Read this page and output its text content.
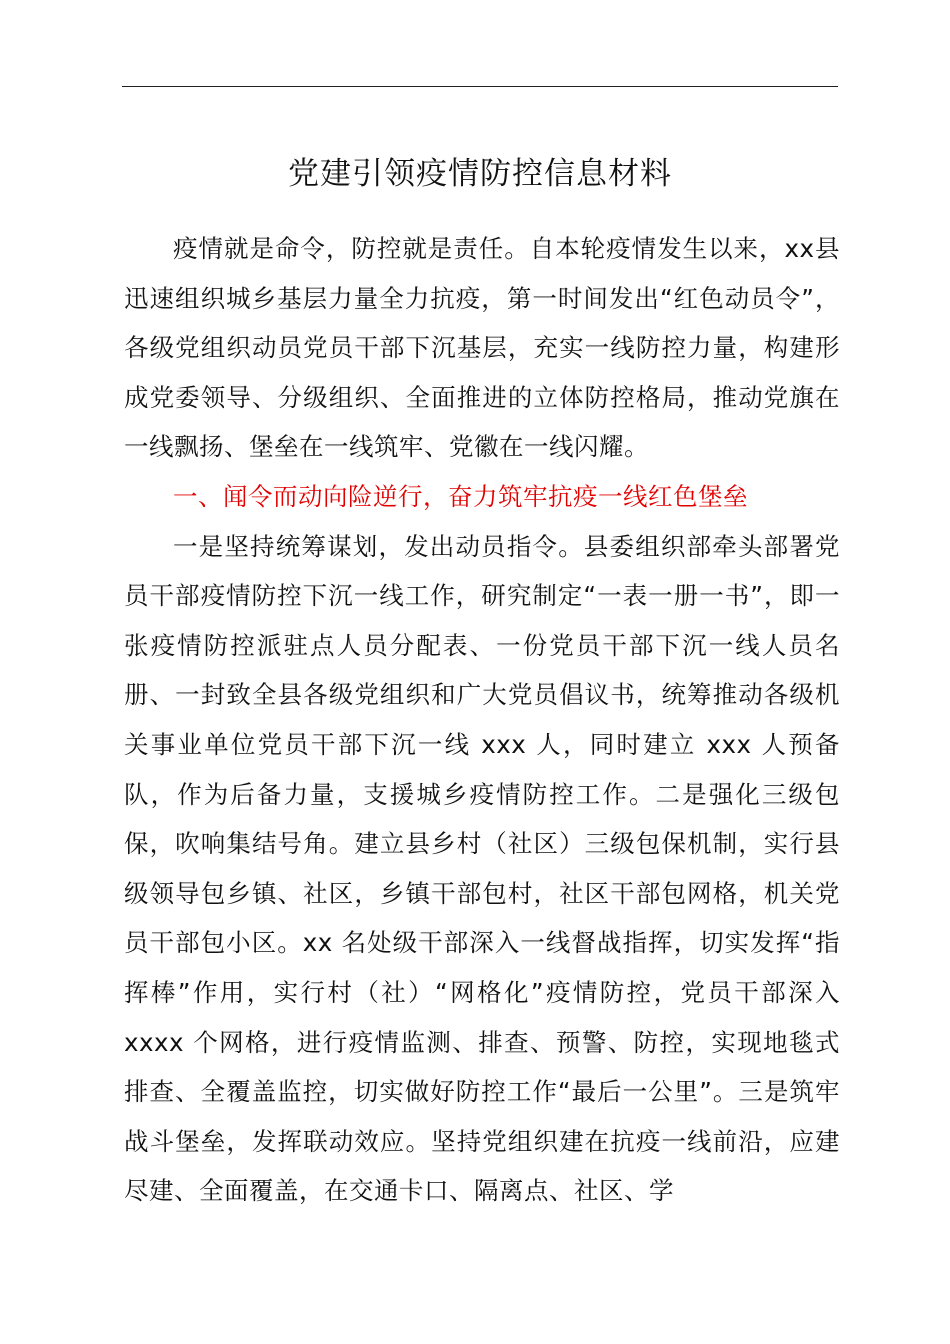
党建引领疫情防控信息材料

疫情就是命令，防控就是责任。自本轮疫情发生以来，xx县迅速组织城乡基层力量全力抗疫，第一时间发出“红色动员令”，各级党组织动员党员干部下沉基层，充实一线防控力量，构建形成党委领导、分级组织、全面推进的立体防控格局，推动党旗在一线飘扬、堡垒在一线筑牢、党徽在一线闪耀。

一、闻令而动向险逆行，奋力筑牢抗疫一线红色堡垒

一是坚持统筹谋划，发出动员指令。县委组织部牵头部署党员干部疫情防控下沉一线工作，研究制定“一表一册一书”，即一张疫情防控派驻点人员分配表、一份党员干部下沉一线人员名册、一封致全县各级党组织和广大党员倡议书，统筹推动各级机关事业单位党员干部下沉一线 xxx 人，同时建立 xxx 人预备队，作为后备力量，支援城乡疫情防控工作。二是强化三级包保，吹响集结号角。建立县乡村（社区）三级包保机制，实行县级领导包乡镇、社区，乡镇干部包村，社区干部包网格，机关党员干部包小区。xx 名处级干部深入一线督战指挥，切实发挥“指挥棒”作用，实行村（社）“网格化”疫情防控，党员干部深入 xxxx 个网格，进行疫情监测、排查、预警、防控，实现地毯式排查、全覆盖监控，切实做好防控工作“最后一公里”。三是筑牢战斗堡垒，发挥联动效应。坚持党组织建在抗疫一线前沿，应建尽建、全面覆盖，在交通卡口、隔离点、社区、学
